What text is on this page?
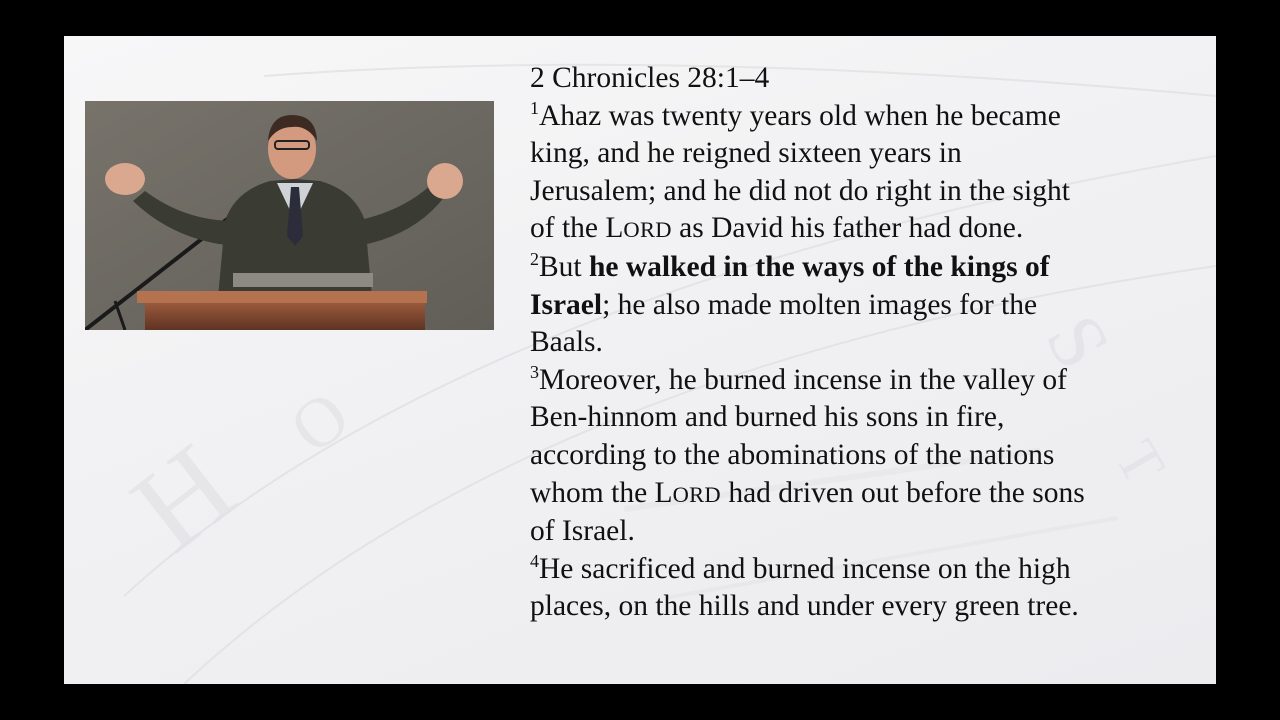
H O
S
T
2 Chronicles 28:1–4
$^1$Ahaz was twenty years old when he became
king, and he reigned sixteen years in
Jerusalem; and he did not do right in the sight
of the LORD as David his father had done.
$^2$But he walked in the ways of the kings of
Israel; he also made molten images for the
Baals.
$^3$Moreover, he burned incense in the valley of
Ben-hinnom and burned his sons in fire,
according to the abominations of the nations
whom the LORD had driven out before the sons
of Israel.
$^4$He sacrificed and burned incense on the high
places, on the hills and under every green tree.
